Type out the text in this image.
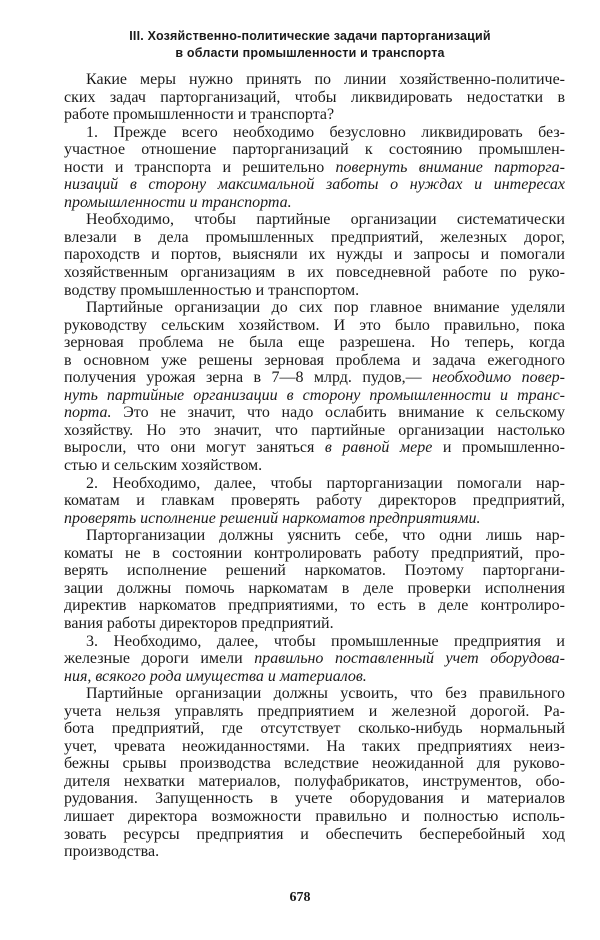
III. Хозяйственно-политические задачи парторганизаций
в области промышленности и транспорта
Какие меры нужно принять по линии хозяйственно-политиче-
ских задач парторганизаций, чтобы ликвидировать недостатки в
работе промышленности и транспорта?
1. Прежде всего необходимо безусловно ликвидировать без-
участное отношение парторганизаций к состоянию промышлен-
ности и транспорта и решительно повернуть внимание партoрга-
низаций в сторону максимальной заботы о нуждах и интересах
промышленности и транспорта.
Необходимо, чтобы партийные организации систематически
влезали в дела промышленных предприятий, железных дорог,
пароходств и портов, выясняли их нужды и запросы и помогали
хозяйственным организациям в их повседневной работе по руко-
водству промышленностью и транспортом.
Партийные организации до сих пор главное внимание уделяли
руководству сельским хозяйством. И это было правильно, пока
зерновая проблема не была еще разрешена. Но теперь, когда
в основном уже решены зерновая проблема и задача ежегодного
получения урожая зерна в 7—8 млрд. пудов,— необходимо повер-
нуть партийные организации в сторону промышленности и транс-
порта. Это не значит, что надо ослабить внимание к сельскому
хозяйству. Но это значит, что партийные организации настолько
выросли, что они могут заняться в равной мере и промышленно-
стью и сельским хозяйством.
2. Необходимо, далее, чтобы парторганизации помогали нар-
коматам и главкам проверять работу директоров предприятий,
проверять исполнение решений наркоматов предприятиями.
Парторганизации должны уяснить себе, что одни лишь нар-
коматы не в состоянии контролировать работу предприятий, про-
верять исполнение решений наркоматов. Поэтому парторгани-
зации должны помочь наркоматам в деле проверки исполнения
директив наркоматов предприятиями, то есть в деле контролиро-
вания работы директоров предприятий.
3. Необходимо, далее, чтобы промышленные предприятия и
железные дороги имели правильно поставленный учет оборудова-
ния, всякого рода имущества и материалов.
Партийные организации должны усвоить, что без правильного
учета нельзя управлять предприятием и железной дорогой. Ра-
бота предприятий, где отсутствует сколько-нибудь нормальный
учет, чревата неожиданностями. На таких предприятиях неиз-
бежны срывы производства вследствие неожиданной для руково-
дителя нехватки материалов, полуфабрикатов, инструментов, обо-
рудования. Запущенность в учете оборудования и материалов
лишает директора возможности правильно и полностью исполь-
зовать ресурсы предприятия и обеспечить бесперебойный ход
производства.
678
